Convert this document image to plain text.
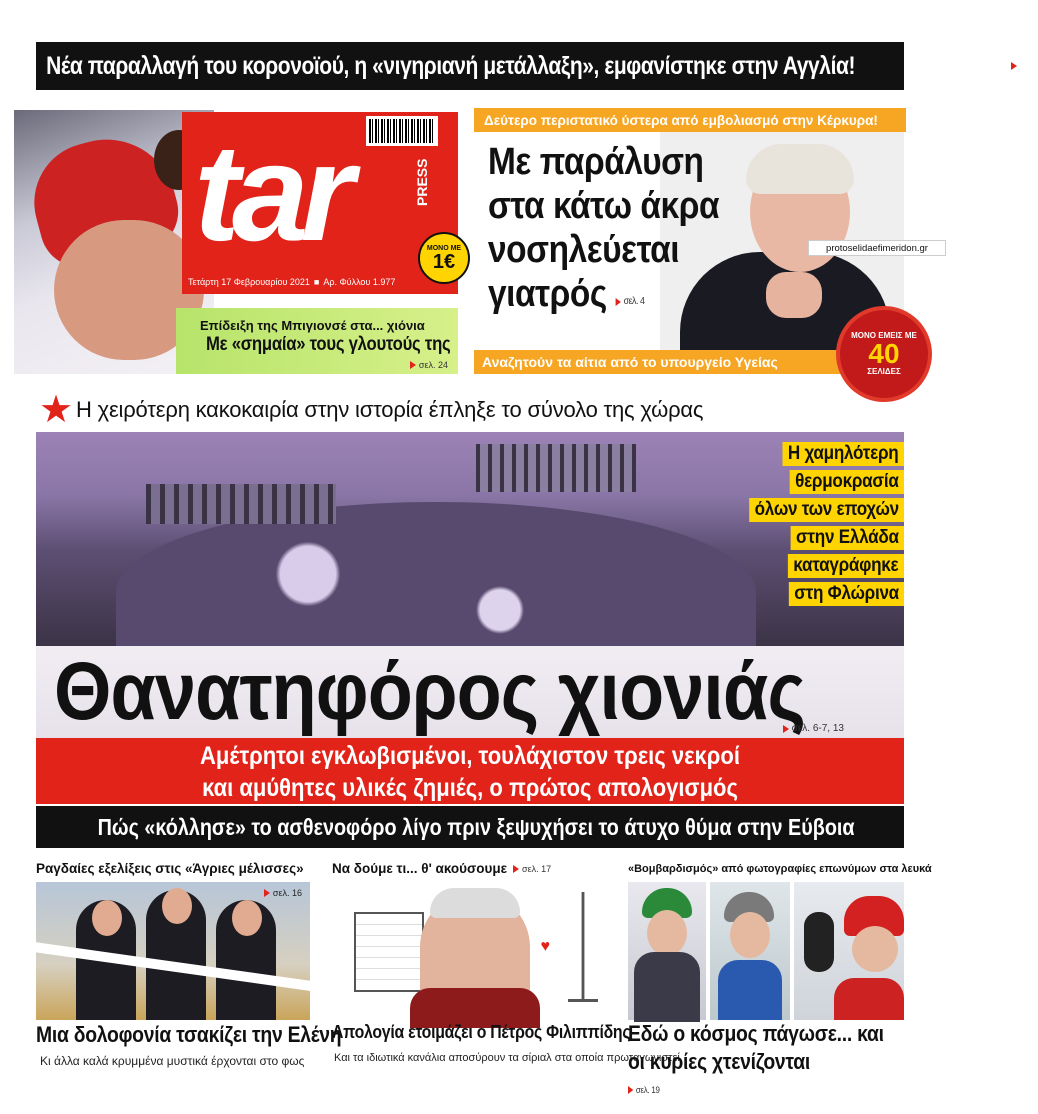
Νέα παραλλαγή του κορονοϊού, η «νιγηριανή μετάλλαξη», εμφανίστηκε στην Αγγλία!	σελ. 23
tar	PRESS
Τετάρτη 17 Φεβρουαρίου 2021 ■ Αρ. Φύλλου 1.977
ΜΟΝΟ ΜΕ
1€
Επίδειξη της Μπιγιονσέ στα... χιόνια
Με «σημαία» τους γλουτούς της
σελ. 24
Δεύτερο περιστατικό ύστερα από εμβολιασμό στην Κέρκυρα!
Με παράλυση
στα κάτω άκρα
νοσηλεύεται
γιατρός σελ. 4
Αναζητούν τα αίτια από το υπουργείο Υγείας
protoselidaefimeridon.gr
ΜΟΝΟ ΕΜΕΙΣ ΜΕ
40
ΣΕΛΙΔΕΣ
★ Η χειρότερη κακοκαιρία στην ιστορία έπληξε το σύνολο της χώρας
Η χαμηλότερη
θερμοκρασία
όλων των εποχών
στην Ελλάδα
καταγράφηκε
στη Φλώρινα
Θανατηφόρος χιονιάς
σελ. 6-7, 13
Αμέτρητοι εγκλωβισμένοι, τουλάχιστον τρεις νεκροί
και αμύθητες υλικές ζημιές, ο πρώτος απολογισμός
Πώς «κόλλησε» το ασθενοφόρο λίγο πριν ξεψυχήσει το άτυχο θύμα στην Εύβοια
Ραγδαίες εξελίξεις στις «Άγριες μέλισσες»
σελ. 16
Μια δολοφονία τσακίζει την Ελένη
Κι άλλα καλά κρυμμένα μυστικά έρχονται στο φως
Να δούμε τι... θ' ακούσουμε σελ. 17
♥
Απολογία ετοιμάζει ο Πέτρος Φιλιππίδης
Και τα ιδιωτικά κανάλια αποσύρουν τα σίριαλ στα οποία πρωταγωνιστεί
«Βομβαρδισμός» από φωτογραφίες επωνύμων στα λευκά
Εδώ ο κόσμος πάγωσε... και
οι κυρίες χτενίζονται
σελ. 19
